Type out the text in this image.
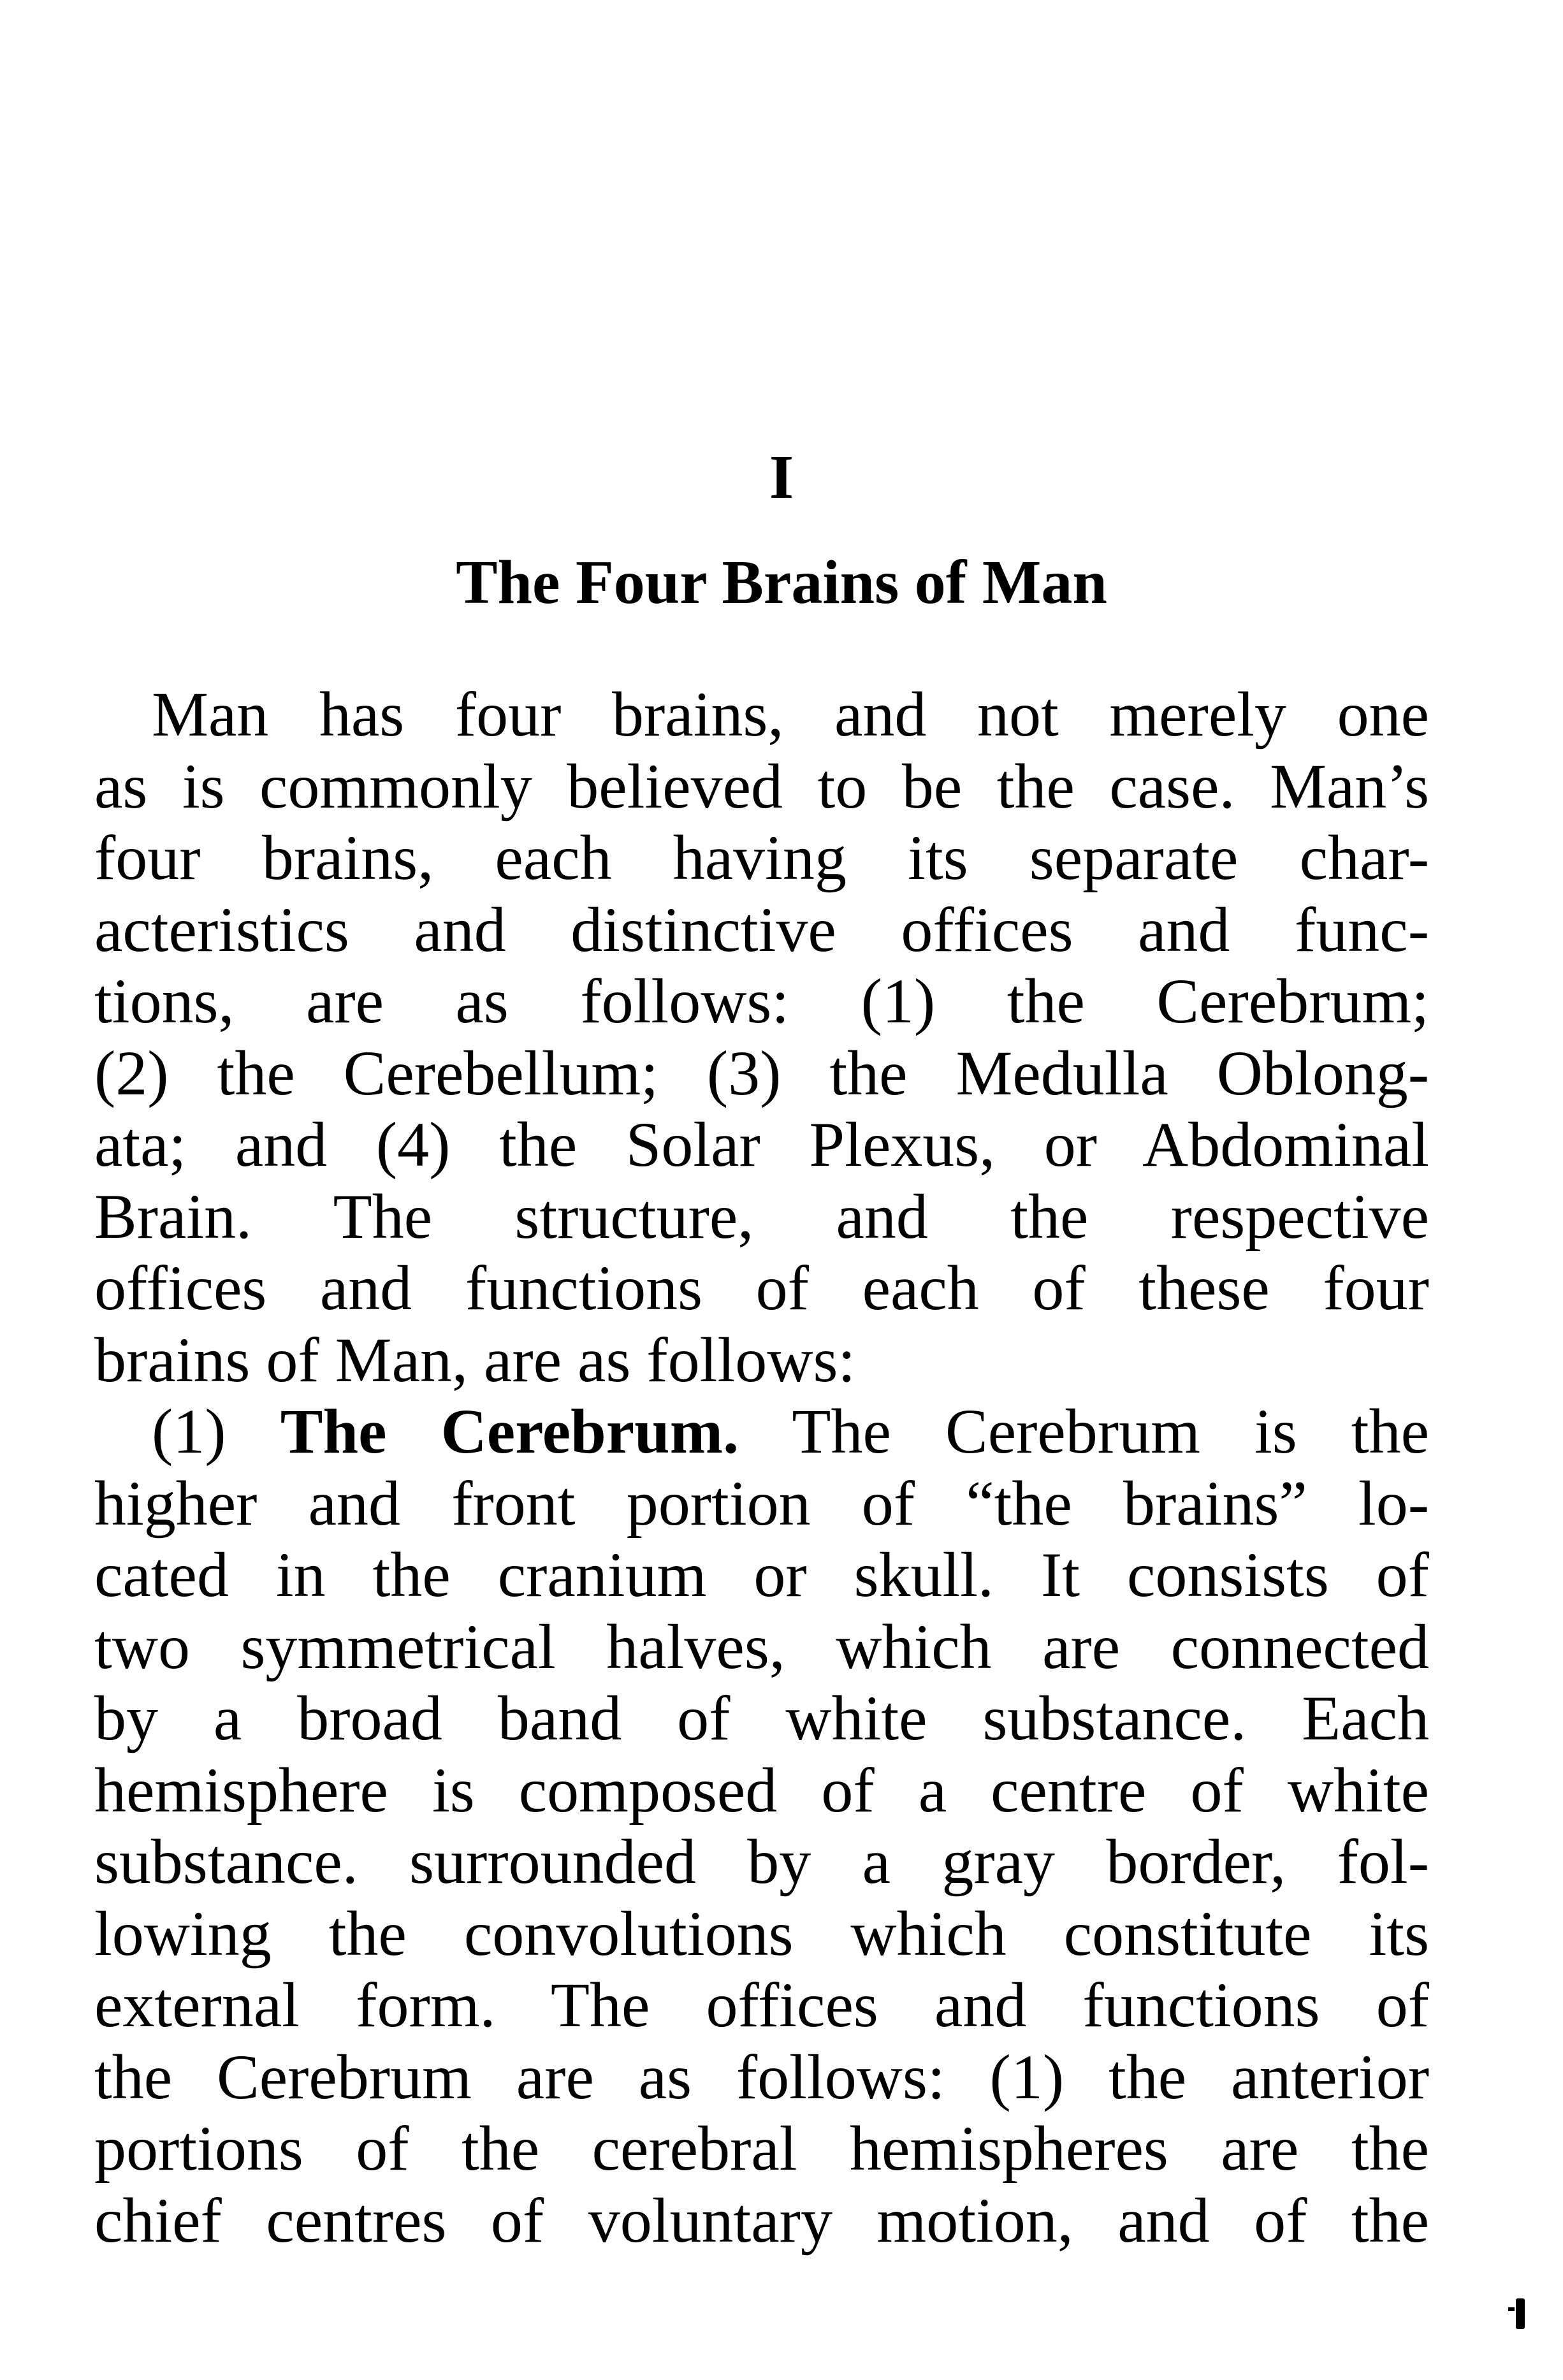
I
The Four Brains of Man
Man has four brains, and not merely one
as is commonly believed to be the case. Man’s
four brains, each having its separate char-
acteristics and distinctive offices and func-
tions, are as follows: (1) the Cerebrum;
(2) the Cerebellum; (3) the Medulla Oblong-
ata; and (4) the Solar Plexus, or Abdominal
Brain. The structure, and the respective
offices and functions of each of these four
brains of Man, are as follows:
(1) The Cerebrum. The Cerebrum is the
higher and front portion of “the brains” lo-
cated in the cranium or skull. It consists of
two symmetrical halves, which are connected
by a broad band of white substance. Each
hemisphere is composed of a centre of white
substance. surrounded by a gray border, fol-
lowing the convolutions which constitute its
external form. The offices and functions of
the Cerebrum are as follows: (1) the anterior
portions of the cerebral hemispheres are the
chief centres of voluntary motion, and of the
